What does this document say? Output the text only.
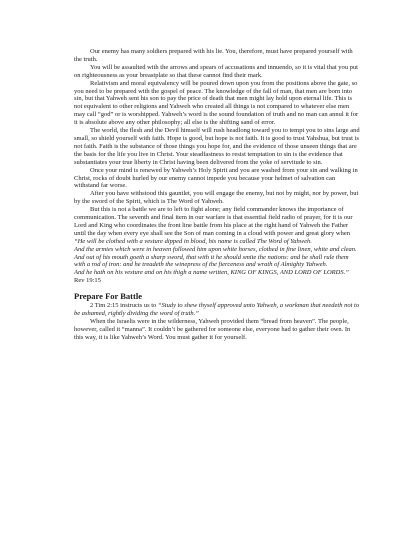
Our enemy has many soldiers prepared with his lie. You, therefore, must have prepared yourself with the truth.

You will be assaulted with the arrows and spears of accusations and innuendo, so it is vital that you put on righteousness as your breastplate so that these cannot find their mark.

Relativism and moral equivalency will be poured down upon you from the positions above the gate, so you need to be prepared with the gospel of peace. The knowledge of the fall of man, that men are born into sin, but that Yahweh sent his son to pay the price of death that men might lay hold upon eternal life. This is not equivalent to other religions and Yahweh who created all things is not compared to whatever else men may call “god” or is worshipped. Yahweh’s word is the sound foundation of truth and no man can annul it for it is absolute above any other philosophy; all else is the shifting sand of error.

The world, the flesh and the Devil himself will rush headlong toward you to tempt you to sins large and small, so shield yourself with faith. Hope is good, but hope is not faith. It is good to trust Yahshua, but trust is not faith. Faith is the substance of those things you hope for, and the evidence of those unseen things that are the basis for the life you live in Christ. Your steadfastness to resist temptation to sin is the evidence that substantiates your true liberty in Christ having been delivered from the yoke of servitude to sin.

Once your mind is renewed by Yahweh’s Holy Spirit and you are washed from your sin and walking in Christ, rocks of doubt hurled by our enemy cannot impede you because your helmet of salvation can withstand far worse.

After you have withstood this gauntlet, you will engage the enemy, but not by might, nor by power, but by the sword of the Spirit, which is The Word of Yahweh.

But this is not a battle we are to left to fight alone; any field commander knows the importance of communication. The seventh and final item in our warfare is that essential field radio of prayer, for it is our Lord and King who coordinates the front line battle from his place at the right hand of Yahweh the Father until the day when every eye shall see the Son of man coming in a cloud with power and great glory when “He will be clothed with a vesture dipped in blood, his name is called The Word of Yahweh.

And the armies which were in heaven followed him upon white horses, clothed in fine linen, white and clean.

And out of his mouth goeth a sharp sword, that with it he should smite the nations: and he shall rule them with a rod of iron: and he treadeth the winepress of the fierceness and wrath of Almighty Yahweh.

And he hath on his vesture and on his thigh a name written, KING OF KINGS, AND LORD OF LORDS.” Rev 19:15

Prepare For Battle

2 Tim 2:15 instructs us to “Study to shew thyself approved unto Yahweh, a workman that needeth not to be ashamed, rightly dividing the word of truth.”

When the Israelis were in the wilderness, Yahweh provided them “bread from heaven”. The people, however, called it “manna”. It couldn’t be gathered for someone else, everyone had to gather their own. In this way, it is like Yahweh’s Word. You must gather it for yourself.
